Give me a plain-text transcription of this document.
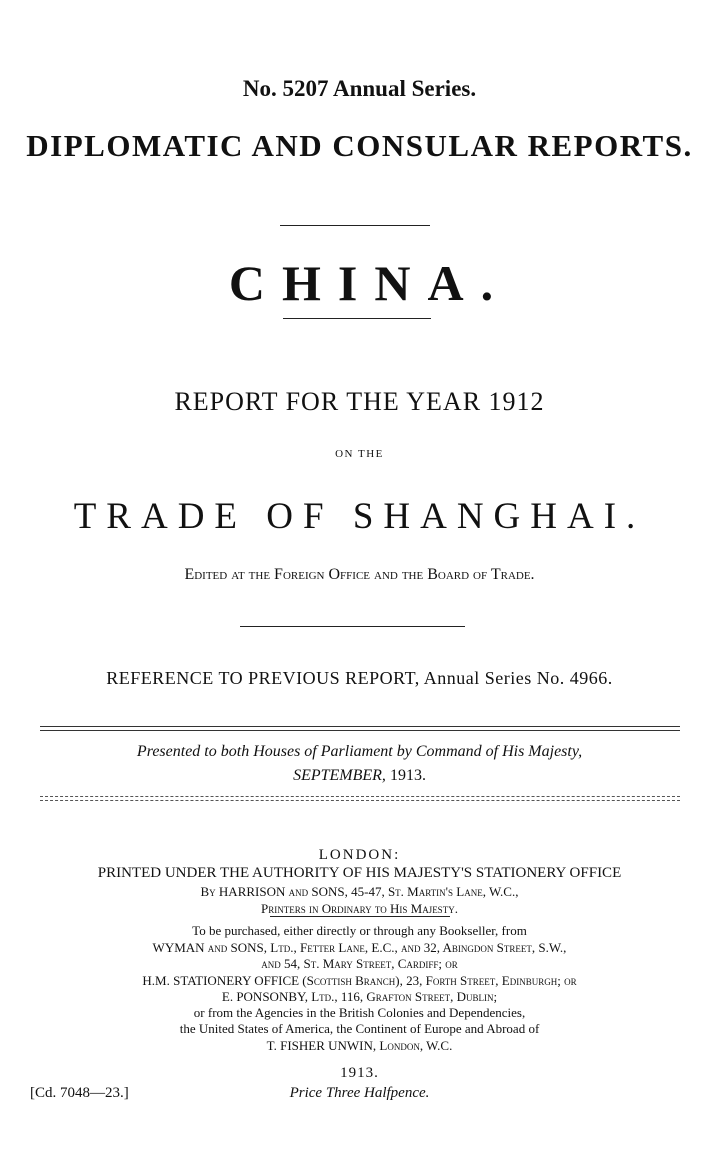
No. 5207 Annual Series.
DIPLOMATIC AND CONSULAR REPORTS.
CHINA.
REPORT FOR THE YEAR 1912
ON THE
TRADE OF SHANGHAI.
Edited at the Foreign Office and the Board of Trade.
REFERENCE TO PREVIOUS REPORT, Annual Series No. 4966.
Presented to both Houses of Parliament by Command of His Majesty,
SEPTEMBER, 1913.
LONDON:
PRINTED UNDER THE AUTHORITY OF HIS MAJESTY'S STATIONERY OFFICE
By HARRISON and SONS, 45-47, St. Martin's Lane, W.C.,
Printers in Ordinary to His Majesty.
To be purchased, either directly or through any Bookseller, from
WYMAN and SONS, Ltd., Fetter Lane, E.C., and 32, Abingdon Street, S.W.,
and 54, St. Mary Street, Cardiff; or
H.M. STATIONERY OFFICE (Scottish Branch), 23, Forth Street, Edinburgh; or
E. PONSONBY, Ltd., 116, Grafton Street, Dublin;
or from the Agencies in the British Colonies and Dependencies,
the United States of America, the Continent of Europe and Abroad of
T. FISHER UNWIN, London, W.C.
1913.
Price Three Halfpence.
[Cd. 7048—23.]
